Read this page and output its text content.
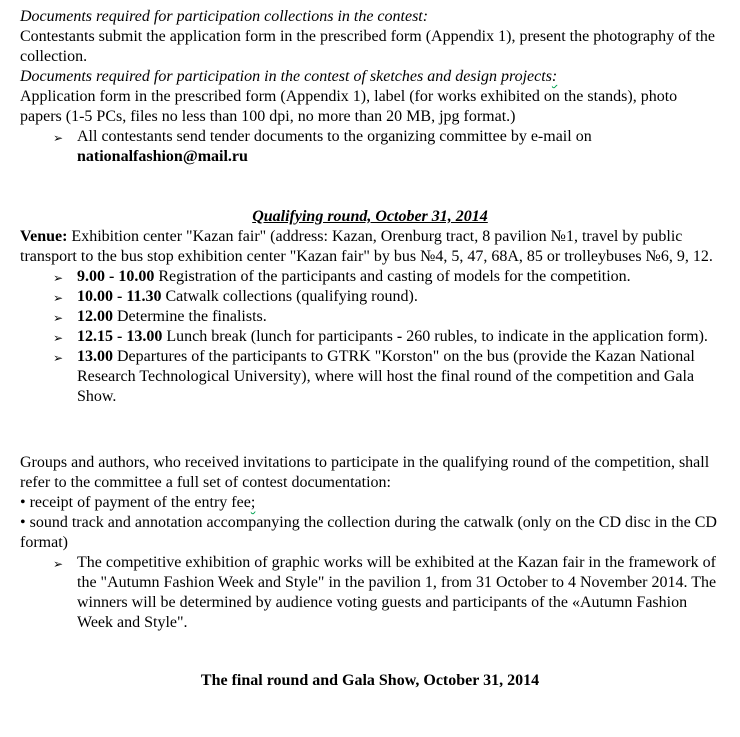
Documents required for participation collections in the contest:
Contestants submit the application form in the prescribed form (Appendix 1), present the photography of the collection.
Documents required for participation in the contest of sketches and design projects:
Application form in the prescribed form (Appendix 1), label (for works exhibited on the stands), photo papers (1-5 PCs, files no less than 100 dpi, no more than 20 MB, jpg format.)
➢ All contestants send tender documents to the organizing committee by e-mail on nationalfashion@mail.ru
Qualifying round, October 31, 2014
Venue: Exhibition center "Kazan fair" (address: Kazan, Orenburg tract, 8 pavilion №1, travel by public transport to the bus stop exhibition center "Kazan fair" by bus №4, 5, 47, 68A, 85 or trolleybuses №6, 9, 12.
➢ 9.00 - 10.00 Registration of the participants and casting of models for the competition.
➢ 10.00 - 11.30 Catwalk collections (qualifying round).
➢ 12.00 Determine the finalists.
➢ 12.15 - 13.00 Lunch break (lunch for participants - 260 rubles, to indicate in the application form).
➢ 13.00 Departures of the participants to GTRK "Korston" on the bus (provide the Kazan National Research Technological University), where will host the final round of the competition and Gala Show.
Groups and authors, who received invitations to participate in the qualifying round of the competition, shall refer to the committee a full set of contest documentation:
• receipt of payment of the entry fee;
• sound track and annotation accompanying the collection during the catwalk (only on the CD disc in the CD format)
➢ The competitive exhibition of graphic works will be exhibited at the Kazan fair in the framework of the "Autumn Fashion Week and Style" in the pavilion 1, from 31 October to 4 November 2014. The winners will be determined by audience voting guests and participants of the «Autumn Fashion Week and Style".
The final round and Gala Show, October 31, 2014
